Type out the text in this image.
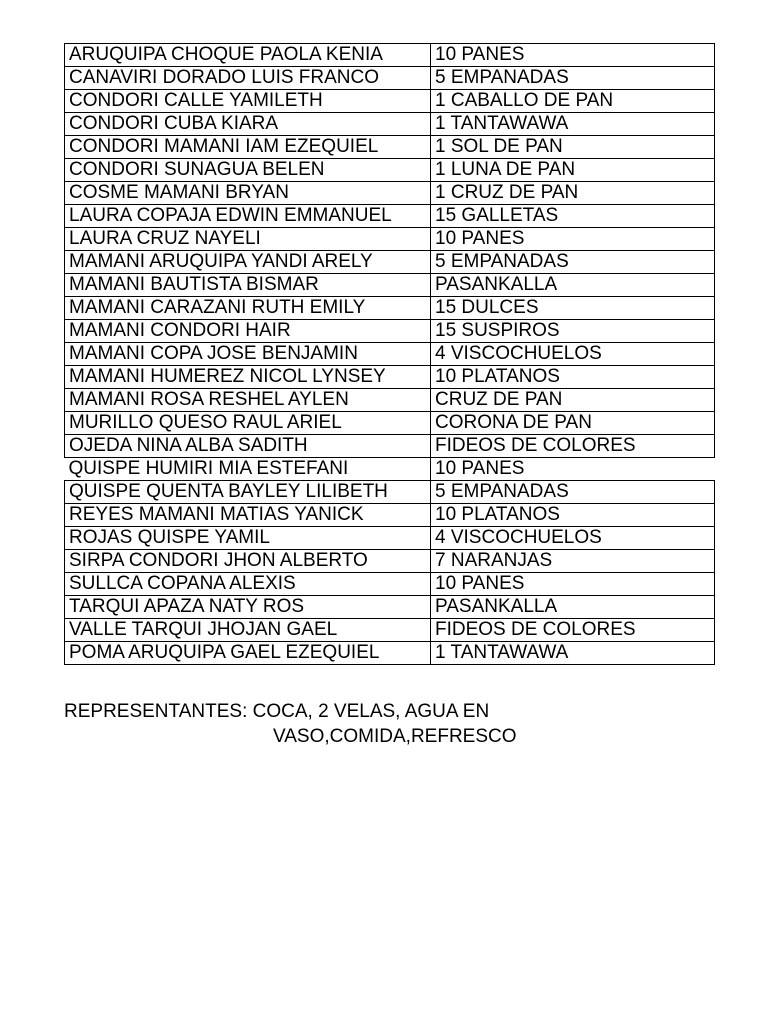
ARUQUIPA CHOQUE PAOLA KENIA	10 PANES
CANAVIRI DORADO LUIS FRANCO	5 EMPANADAS
CONDORI CALLE YAMILETH	1 CABALLO DE PAN
CONDORI CUBA KIARA	1 TANTAWAWA
CONDORI MAMANI IAM EZEQUIEL	1 SOL DE PAN
CONDORI SUNAGUA BELEN	1 LUNA DE PAN
COSME MAMANI BRYAN	1 CRUZ DE PAN
LAURA COPAJA EDWIN EMMANUEL	15 GALLETAS
LAURA CRUZ NAYELI	10 PANES
MAMANI ARUQUIPA YANDI ARELY	5 EMPANADAS
MAMANI BAUTISTA BISMAR	PASANKALLA
MAMANI CARAZANI RUTH EMILY	15 DULCES
MAMANI CONDORI HAIR	15 SUSPIROS
MAMANI COPA JOSE BENJAMIN	4 VISCOCHUELOS
MAMANI HUMEREZ NICOL LYNSEY	10 PLATANOS
MAMANI ROSA RESHEL AYLEN	CRUZ DE PAN
MURILLO QUESO RAUL ARIEL	CORONA DE PAN
OJEDA NINA ALBA SADITH	FIDEOS DE COLORES
QUISPE HUMIRI MIA ESTEFANI	10 PANES
QUISPE QUENTA BAYLEY LILIBETH	5 EMPANADAS
REYES MAMANI MATIAS YANICK	10 PLATANOS
ROJAS QUISPE YAMIL	4 VISCOCHUELOS
SIRPA CONDORI JHON ALBERTO	7 NARANJAS
SULLCA COPANA ALEXIS	10 PANES
TARQUI APAZA NATY ROS	PASANKALLA
VALLE TARQUI JHOJAN GAEL	FIDEOS DE COLORES
POMA ARUQUIPA GAEL EZEQUIEL	1 TANTAWAWA
REPRESENTANTES: COCA, 2 VELAS, AGUA EN
VASO,COMIDA,REFRESCO
